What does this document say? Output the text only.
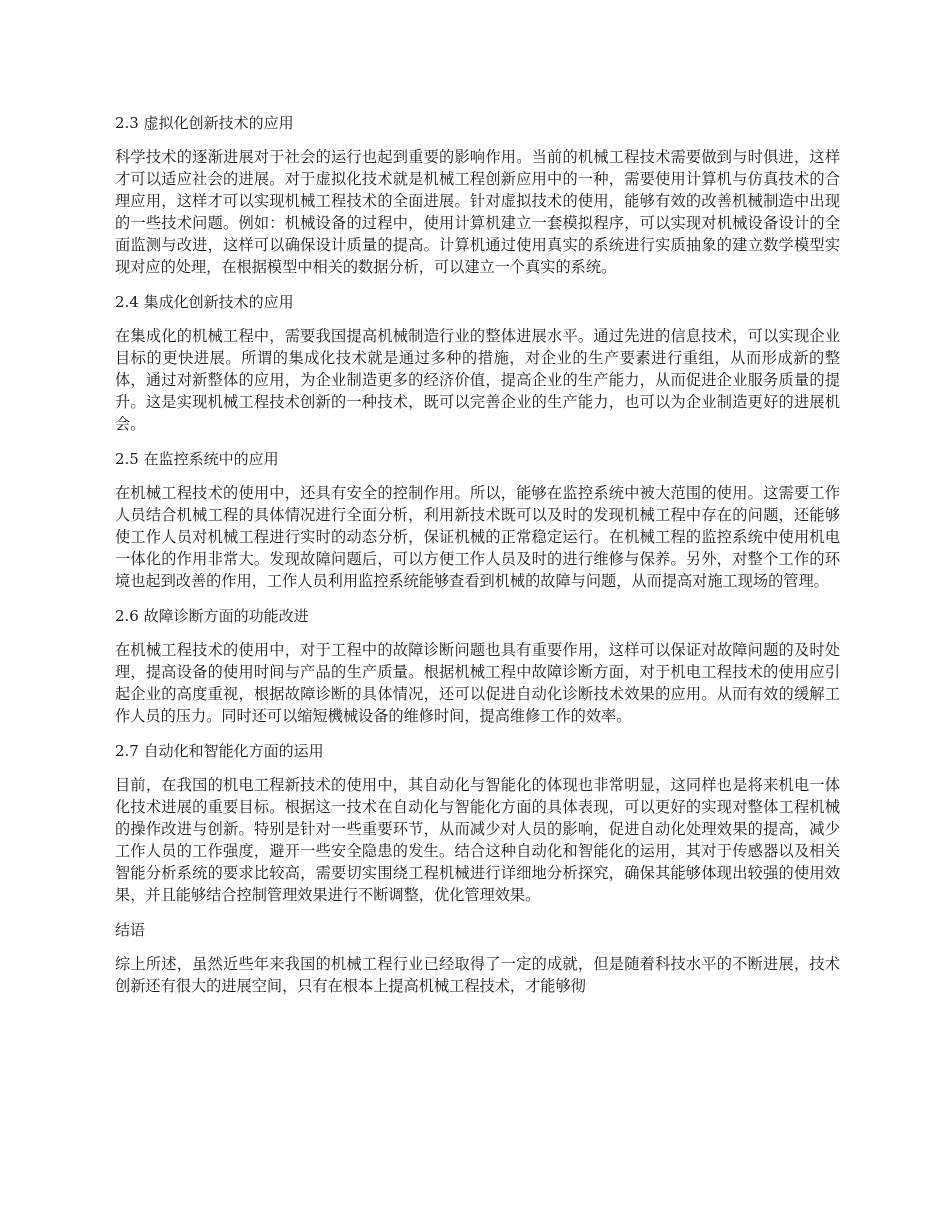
2.3 虚拟化创新技术的应用
科学技术的逐渐进展对于社会的运行也起到重要的影响作用。当前的机械工程技术需要做到与时俱进，这样才可以适应社会的进展。对于虚拟化技术就是机械工程创新应用中的一种，需要使用计算机与仿真技术的合理应用，这样才可以实现机械工程技术的全面进展。针对虚拟技术的使用，能够有效的改善机械制造中出现的一些技术问题。例如：机械设备的过程中，使用计算机建立一套模拟程序，可以实现对机械设备设计的全面监测与改进，这样可以确保设计质量的提高。计算机通过使用真实的系统进行实质抽象的建立数学模型实现对应的处理，在根据模型中相关的数据分析，可以建立一个真实的系统。
2.4 集成化创新技术的应用
在集成化的机械工程中，需要我国提高机械制造行业的整体进展水平。通过先进的信息技术，可以实现企业目标的更快进展。所谓的集成化技术就是通过多种的措施，对企业的生产要素进行重组，从而形成新的整体，通过对新整体的应用，为企业制造更多的经济价值，提高企业的生产能力，从而促进企业服务质量的提升。这是实现机械工程技术创新的一种技术，既可以完善企业的生产能力，也可以为企业制造更好的进展机会。
2.5 在监控系统中的应用
在机械工程技术的使用中，还具有安全的控制作用。所以，能够在监控系统中被大范围的使用。这需要工作人员结合机械工程的具体情况进行全面分析，利用新技术既可以及时的发现机械工程中存在的问题，还能够使工作人员对机械工程进行实时的动态分析，保证机械的正常稳定运行。在机械工程的监控系统中使用机电一体化的作用非常大。发现故障问题后，可以方便工作人员及时的进行维修与保养。另外，对整个工作的环境也起到改善的作用，工作人员利用监控系统能够查看到机械的故障与问题，从而提高对施工现场的管理。
2.6 故障诊断方面的功能改进
在机械工程技术的使用中，对于工程中的故障诊断问题也具有重要作用，这样可以保证对故障问题的及时处理，提高设备的使用时间与产品的生产质量。根据机械工程中故障诊断方面，对于机电工程技术的使用应引起企业的高度重视，根据故障诊断的具体情况，还可以促进自动化诊断技术效果的应用。从而有效的缓解工作人员的压力。同时还可以缩短機械设备的维修时间，提高维修工作的效率。
2.7 自动化和智能化方面的运用
目前，在我国的机电工程新技术的使用中，其自动化与智能化的体现也非常明显，这同样也是将来机电一体化技术进展的重要目标。根据这一技术在自动化与智能化方面的具体表现，可以更好的实现对整体工程机械的操作改进与创新。特别是针对一些重要环节，从而减少对人员的影响，促进自动化处理效果的提高，减少工作人员的工作强度，避开一些安全隐患的发生。结合这种自动化和智能化的运用，其对于传感器以及相关智能分析系统的要求比较高，需要切实围绕工程机械进行详细地分析探究，确保其能够体现出较强的使用效果，并且能够结合控制管理效果进行不断调整，优化管理效果。
结语
综上所述，虽然近些年来我国的机械工程行业已经取得了一定的成就，但是随着科技水平的不断进展，技术创新还有很大的进展空间，只有在根本上提高机械工程技术，才能够彻
